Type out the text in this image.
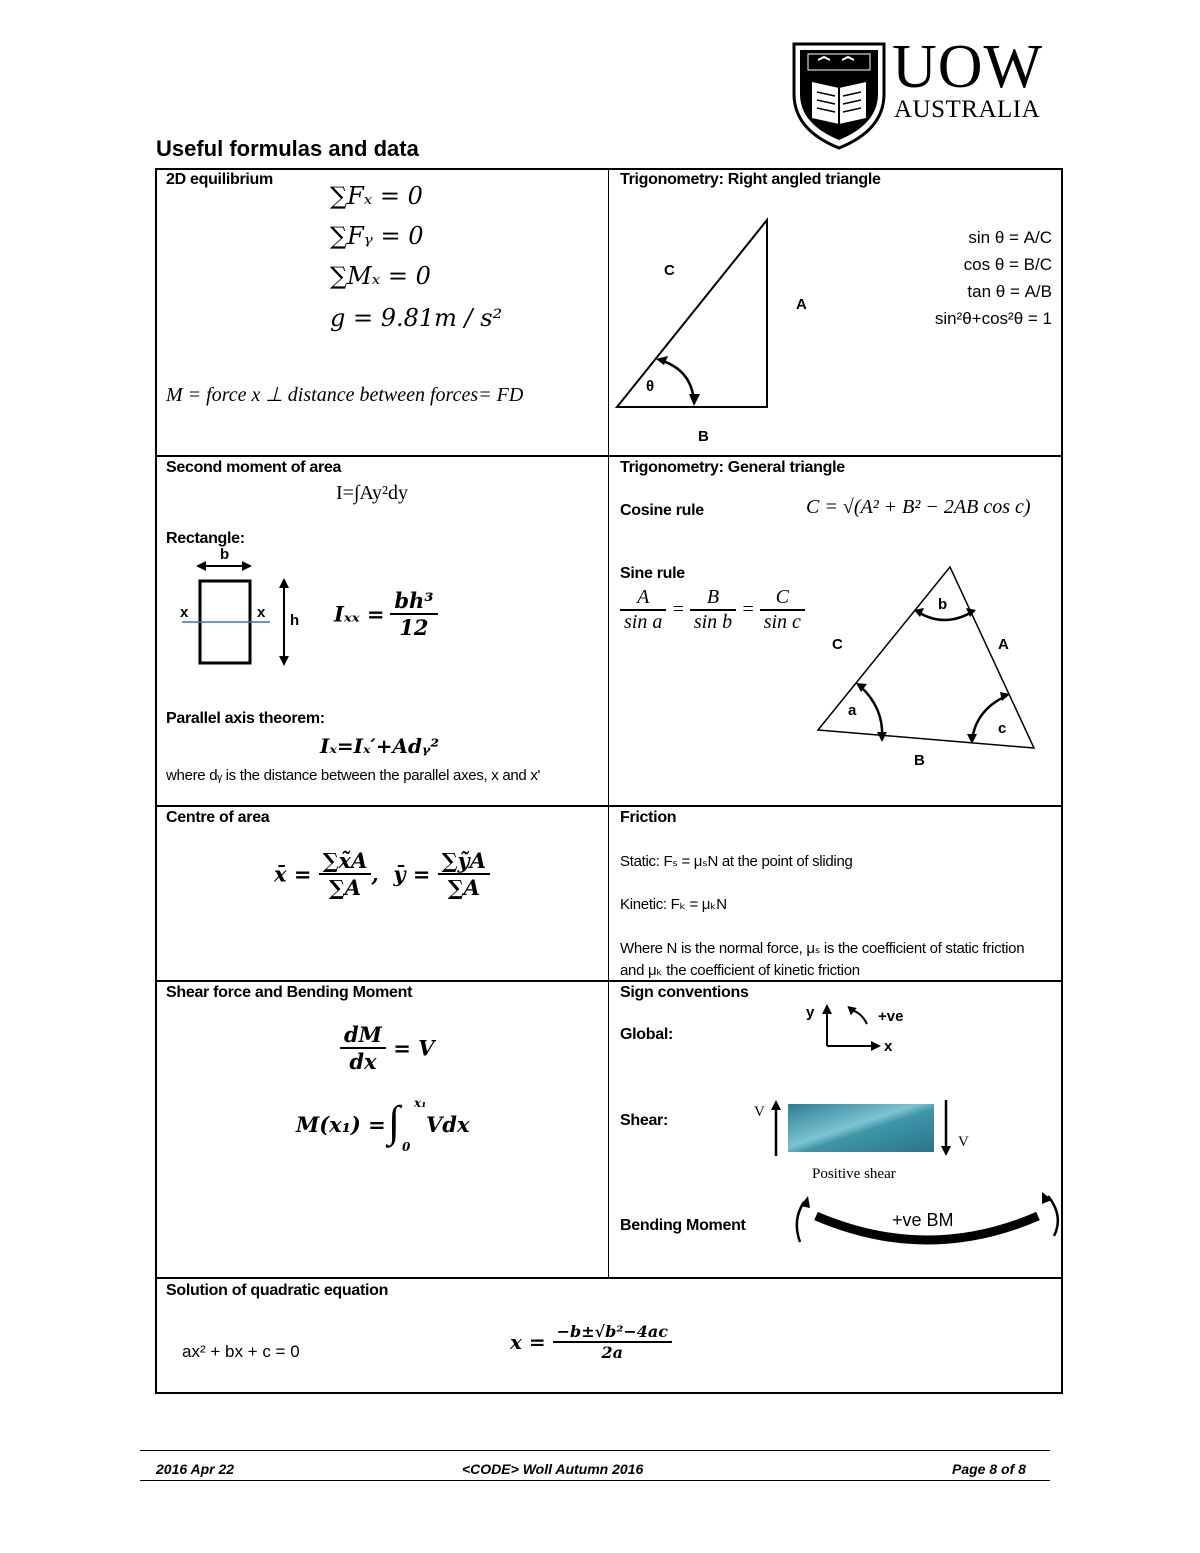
UOW
AUSTRALIA
Useful formulas and data
2D equilibrium
∑Fₓ = 0
∑Fᵧ = 0
∑Mₓ = 0
g = 9.81m / s²
M = force x ⊥ distance between forces= FD
Trigonometry: Right angled triangle
C
A
B
θ
sin θ = A/C
cos θ = B/C
tan θ = A/B
sin²θ+cos²θ = 1
Second moment of area
I=∫Ay²dy
Rectangle:
b
h
x	x	$I_{xx} = \frac{\text{bh³}}{12}$
Parallel axis theorem:
Iₓ=Iₓ′+Adᵧ²
where dᵧ is the distance between the parallel axes, x and x'
Trigonometry: General triangle
Cosine rule	C = √(A² + B² − 2AB cos c)
Sine rule
$\frac{A}{\text{sin a}} = \frac{B}{\text{sin b}} = \frac{C}{\text{sin c}}$
C	A
B
b
a
c
Centre of area
x̄ = $\frac{\sum x̃A}{\sum A}$ ,  ȳ = $\frac{\text{∑ỹA}}{\sum A}$
Friction
Static: Fₛ = μₛN at the point of sliding
Kinetic: Fₖ = μₖN
Where N is the normal force, μₛ is the coefficient of static friction and μₖ the coefficient of kinetic friction
Shear force and Bending Moment
$\frac{dM}{dx} = V$
M(x₁) = ∫ x₁
0
Vdx
Sign conventions
Global:
y
x
+ve
Shear:	V
V
Positive shear
Bending Moment	+ve BM
Solution of quadratic equation
ax² + bx + c = 0	$x = \frac{\text{−b±√b²−4ac}}{2a}$
2016 Apr 22	<CODE> Woll Autumn 2016	Page 8 of 8
